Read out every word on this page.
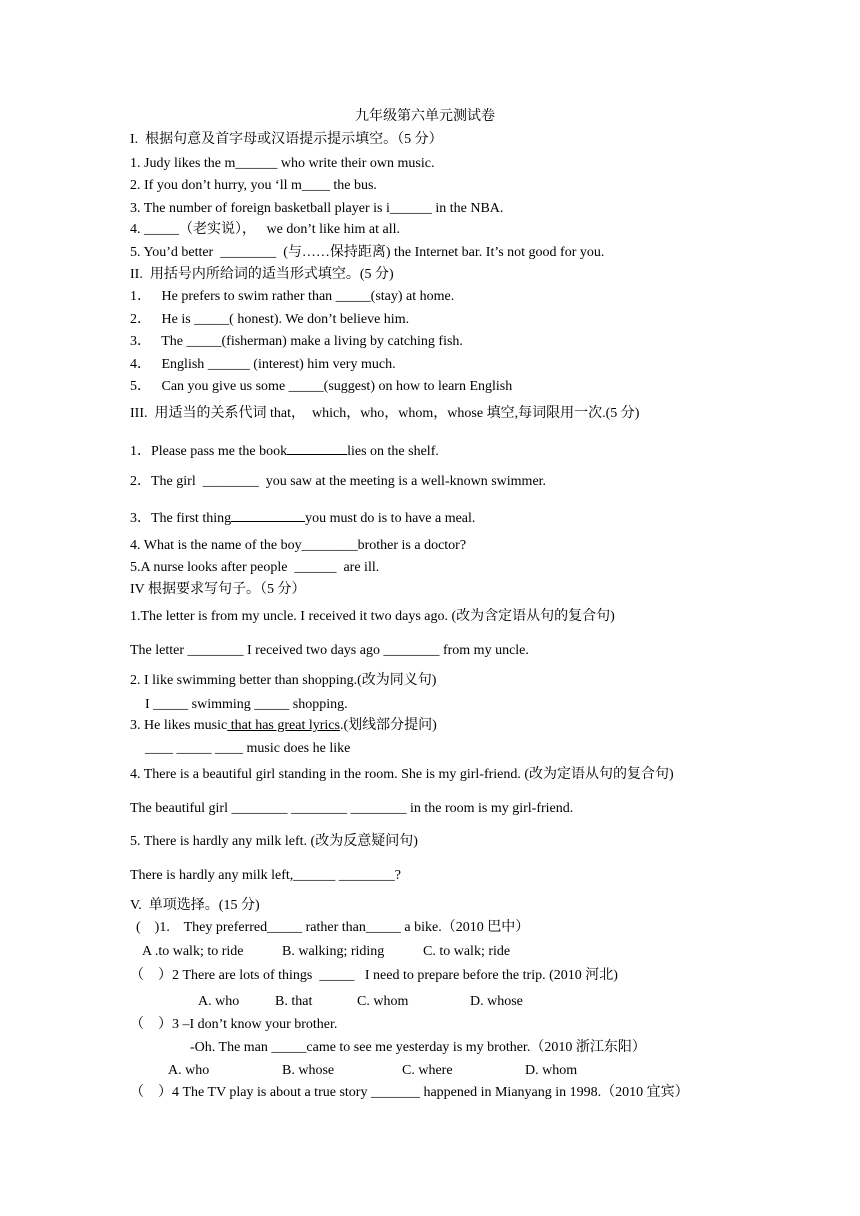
九年级第六单元测试卷
I.  根据句意及首字母或汉语提示提示填空。（5 分）
1. Judy likes the m______ who write their own music.
2. If you don’t hurry, you ‘ll m____ the bus.
3. The number of foreign basketball player is i______ in the NBA.
4. _____（老实说），   we don’t like him at all.
5. You’d better  ________  (与……保持距离) the Internet bar. It’s not good for you.
II.  用括号内所给词的适当形式填空。(5 分)
1．   He prefers to swim rather than _____(stay) at home.
2．   He is _____( honest). We don’t believe him.
3．   The _____(fisherman) make a living by catching fish.
4．   English ______ (interest) him very much.
5．   Can you give us some _____(suggest) on how to learn English
III.  用适当的关系代词 that，  which，who，whom，whose 填空,每词限用一次.(5 分)
1．Please pass me the book	lies on the shelf.
2．The girl  ________  you saw at the meeting is a well-known swimmer.
3．The first thing	you must do is to have a meal.
4. What is the name of the boy________brother is a doctor?
5.A nurse looks after people  ______  are ill.
IV 根据要求写句子。（5 分）
1.The letter is from my uncle. I received it two days ago. (改为含定语从句的复合句)
The letter ________ I received two days ago ________ from my uncle.
2. I like swimming better than shopping.(改为同义句)
I _____ swimming _____ shopping.
3. He likes music that has great lyrics.(划线部分提问)
____ _____ ____ music does he like
4. There is a beautiful girl standing in the room. She is my girl-friend. (改为定语从句的复合句)
The beautiful girl ________ ________ ________ in the room is my girl-friend.
5. There is hardly any milk left. (改为反意疑问句)
There is hardly any milk left,______ ________?
V.  单项选择。(15 分)
(    )1.    They preferred_____ rather than_____ a bike.（2010 巴中）
A .to walk; to ride	B. walking; riding	C. to walk; ride
（    ）2 There are lots of things  _____   I need to prepare before the trip. (2010 河北)
A. who	B. that	C. whom	D. whose
（    ）3 –I don’t know your brother.
-Oh. The man _____came to see me yesterday is my brother.（2010 浙江东阳）
A. who	B. whose	C. where	D. whom
（    ）4 The TV play is about a true story _______ happened in Mianyang in 1998.（2010 宜宾）
